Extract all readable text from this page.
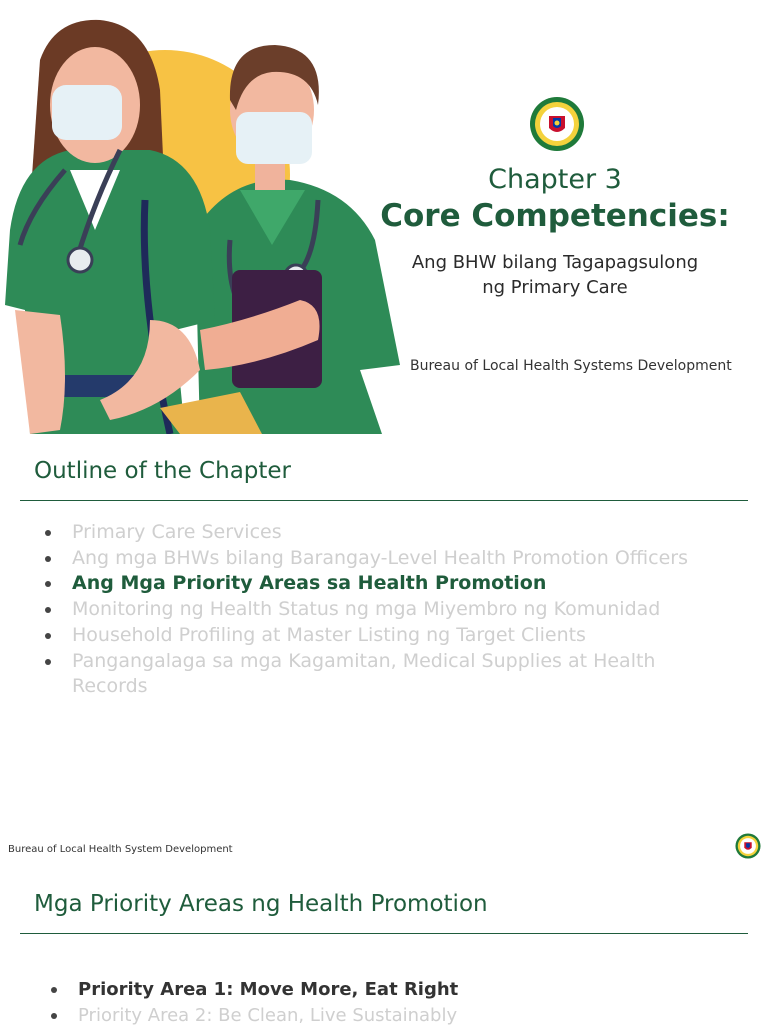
Chapter 3
Core Competencies:
Ang BHW bilang Tagapagsulong
ng Primary Care
Bureau of Local Health Systems Development
Outline of the Chapter
Primary Care Services
Ang mga BHWs bilang Barangay-Level Health Promotion Officers
Ang Mga Priority Areas sa Health Promotion
Monitoring ng Health Status ng mga Miyembro ng Komunidad
Household Profiling at Master Listing ng Target Clients
Pangangalaga sa mga Kagamitan, Medical Supplies at Health Records
Bureau of Local Health System Development
Mga Priority Areas ng Health Promotion
Priority Area 1: Move More, Eat Right
Priority Area 2: Be Clean, Live Sustainably
